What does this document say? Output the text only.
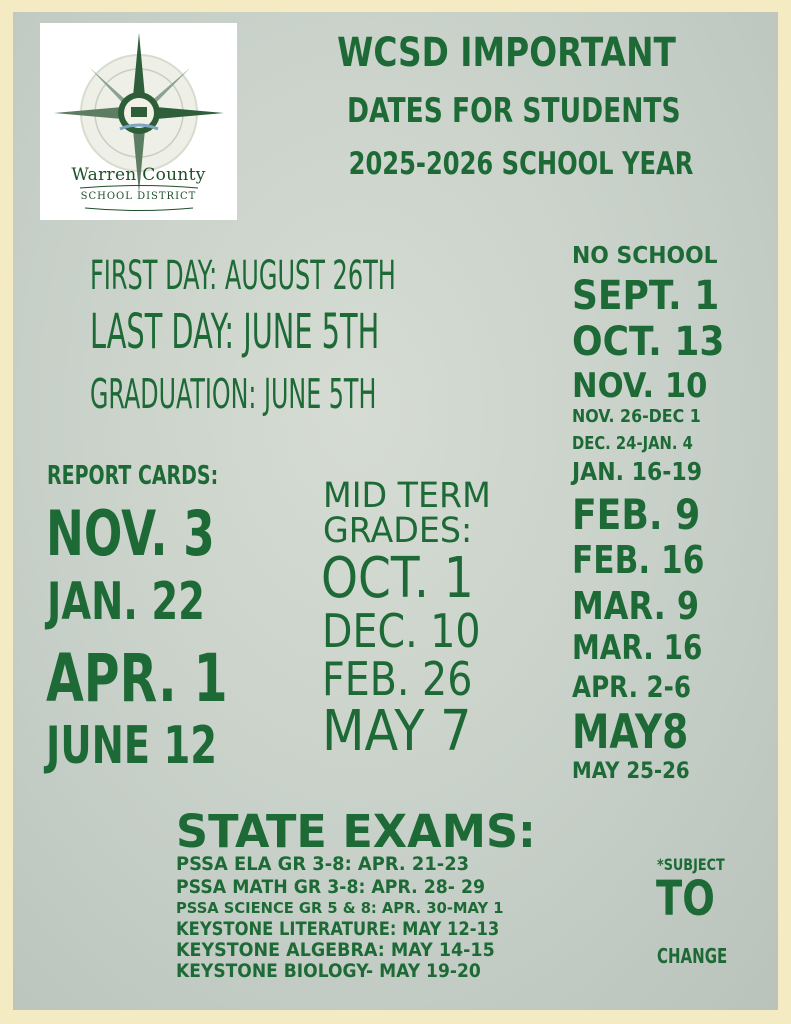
Warren County
SCHOOL DISTRICT
WCSD IMPORTANT
DATES FOR STUDENTS
2025-2026 SCHOOL YEAR
FIRST DAY: AUGUST 26TH
LAST DAY: JUNE 5TH
GRADUATION: JUNE 5TH
REPORT CARDS:
NOV. 3
JAN. 22
APR. 1
JUNE 12
MID TERM
GRADES:
OCT. 1
DEC. 10
FEB. 26
MAY 7
NO SCHOOL
SEPT. 1
OCT. 13
NOV. 10
NOV. 26-DEC 1
DEC. 24-JAN. 4
JAN. 16-19
FEB. 9
FEB. 16
MAR. 9
MAR. 16
APR. 2-6
MAY8
MAY 25-26
STATE EXAMS:
PSSA ELA GR 3-8: APR. 21-23
PSSA MATH GR 3-8: APR. 28- 29
PSSA SCIENCE GR 5 & 8: APR. 30-MAY 1
KEYSTONE LITERATURE: MAY 12-13
KEYSTONE ALGEBRA: MAY 14-15
KEYSTONE BIOLOGY- MAY 19-20
*SUBJECT
TO
CHANGE
